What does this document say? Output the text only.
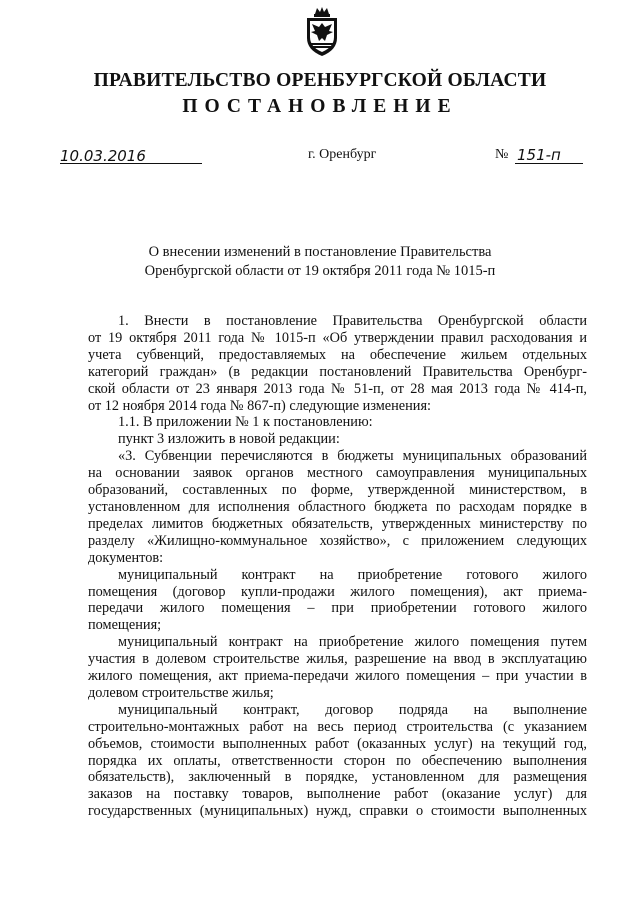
ПРАВИТЕЛЬСТВО ОРЕНБУРГСКОЙ ОБЛАСТИ
ПОСТАНОВЛЕНИЕ
10.03.2016	г. Оренбург	№ 151-п
О внесении изменений в постановление Правительства
Оренбургской области от 19 октября 2011 года № 1015-п
1. Внести в постановление Правительства Оренбургской области
от 19 октября 2011 года № 1015-п «Об утверждении правил расходования и
учета субвенций, предоставляемых на обеспечение жильем отдельных
категорий граждан» (в редакции постановлений Правительства Оренбург-
ской области от 23 января 2013 года № 51-п, от 28 мая 2013 года № 414-п,
от 12 ноября 2014 года № 867-п) следующие изменения:
1.1. В приложении № 1 к постановлению:
пункт 3 изложить в новой редакции:
«3. Субвенции перечисляются в бюджеты муниципальных образований
на основании заявок органов местного самоуправления муниципальных
образований, составленных по форме, утвержденной министерством, в
установленном для исполнения областного бюджета по расходам порядке в
пределах лимитов бюджетных обязательств, утвержденных министерству по
разделу «Жилищно-коммунальное хозяйство», с приложением следующих
документов:
муниципальный контракт на приобретение готового жилого
помещения (договор купли-продажи жилого помещения), акт приема-
передачи жилого помещения – при приобретении готового жилого
помещения;
муниципальный контракт на приобретение жилого помещения путем
участия в долевом строительстве жилья, разрешение на ввод в эксплуатацию
жилого помещения, акт приема-передачи жилого помещения – при участии в
долевом строительстве жилья;
муниципальный контракт, договор подряда на выполнение
строительно-монтажных работ на весь период строительства (с указанием
объемов, стоимости выполненных работ (оказанных услуг) на текущий год,
порядка их оплаты, ответственности сторон по обеспечению выполнения
обязательств), заключенный в порядке, установленном для размещения
заказов на поставку товаров, выполнение работ (оказание услуг) для
государственных (муниципальных) нужд, справки о стоимости выполненных
